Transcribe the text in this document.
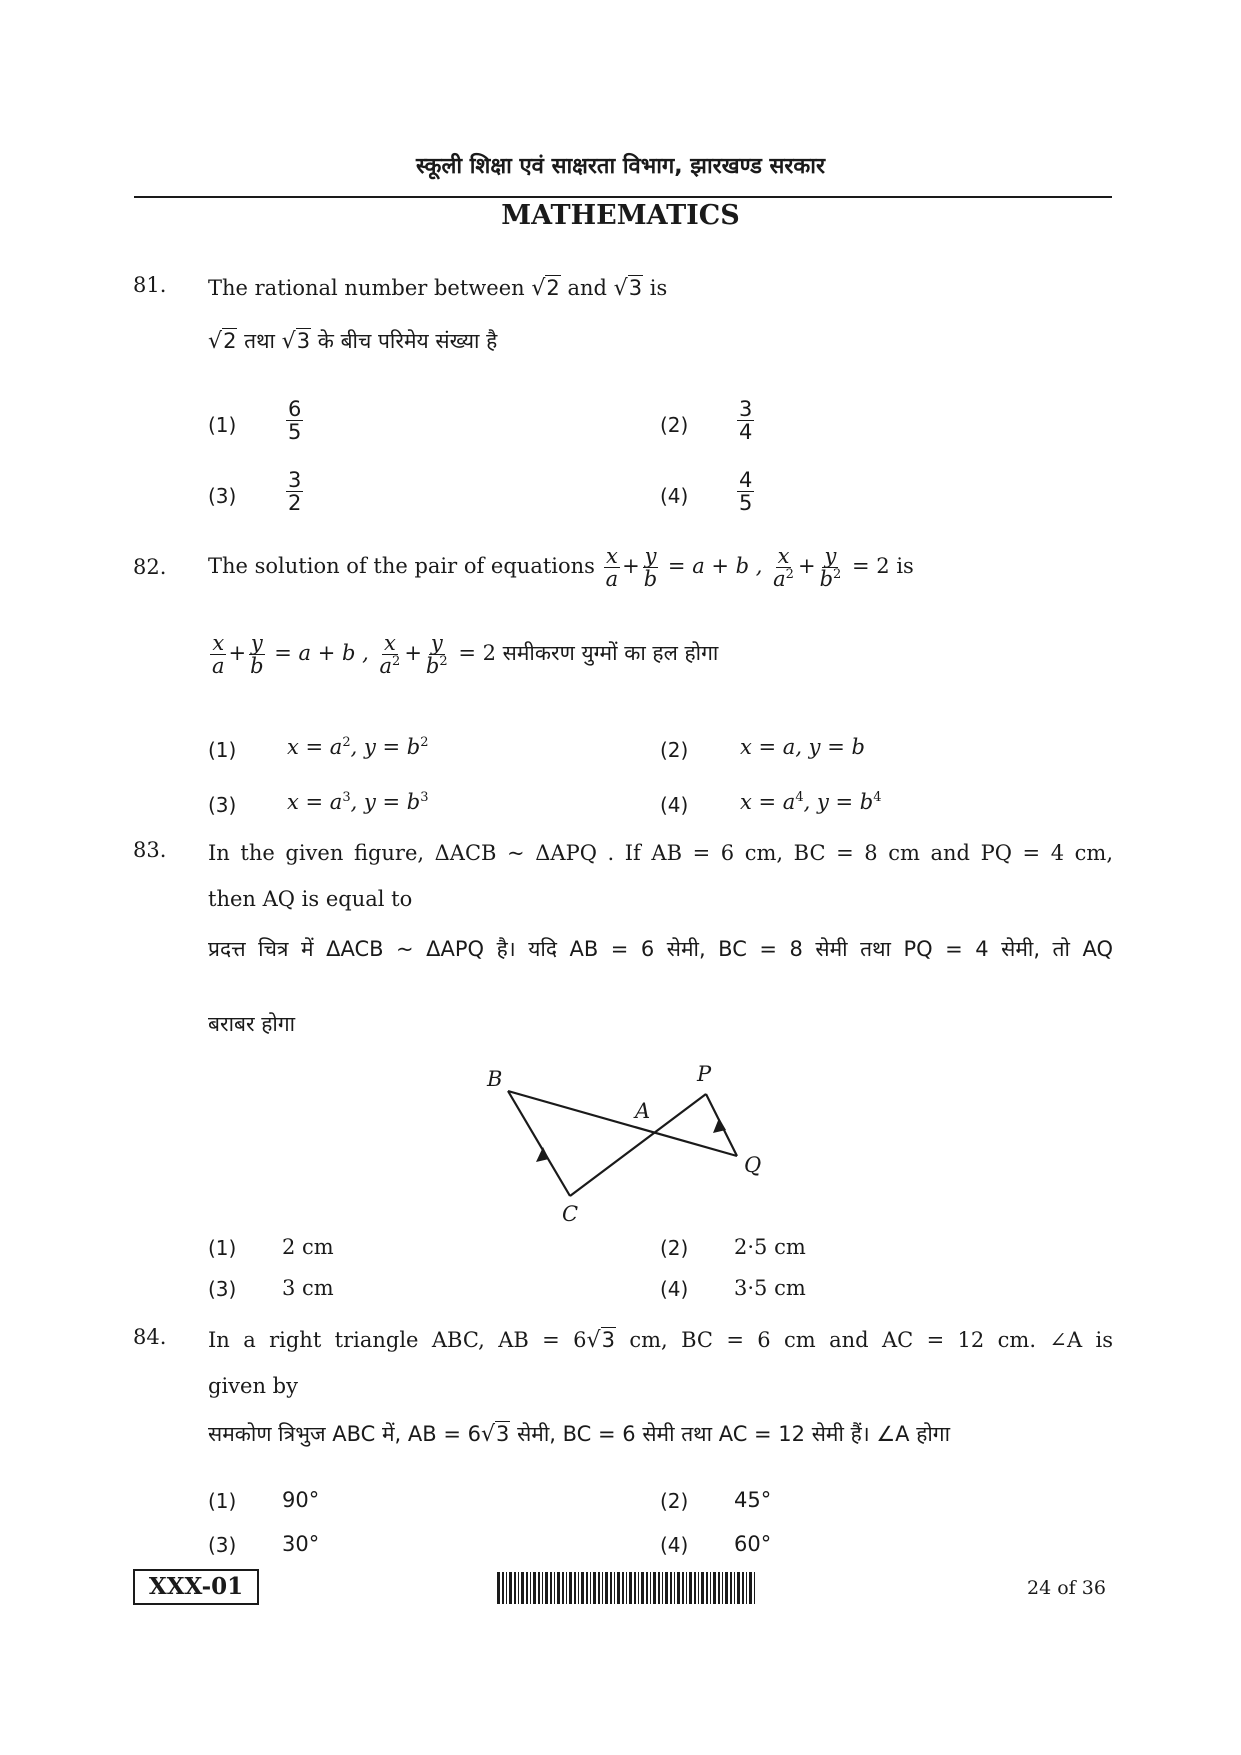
स्कूली शिक्षा एवं साक्षरता विभाग, झारखण्ड सरकार
MATHEMATICS
81. The rational number between √2 and √3 is
√2 तथा √3 के बीच परिमेय संख्या है
$(1) \frac{6}{5}$	$(2) \frac{3}{4}$
$(3) \frac{3}{2}$	$(4) \frac{4}{5}$
82. The solution of the pair of equations $\frac{x}{a} + \frac{y}{b} = a + b$ , $\frac{x}{a^2} + \frac{y}{b^2} = 2$ is
$\frac{x}{a} + \frac{y}{b} = a + b$ , $\frac{x}{a^2} + \frac{y}{b^2} = 2$ समीकरण युग्मों का हल होगा
(1) $x = a^2$, $y = b^2$	(2) x = a, y = b
(3) $x = a^3$, $y = b^3$	(4) $x = a^4$, $y = b^4$
83. In the given figure, ΔACB ~ ΔAPQ . If AB = 6 cm, BC = 8 cm and PQ = 4 cm,
then AQ is equal to
प्रदत्त चित्र में ΔACB ~ ΔAPQ है। यदि AB = 6 सेमी, BC = 8 सेमी तथा PQ = 4 सेमी, तो AQ
बराबर होगा
B	P
A
Q
C
(1) 2 cm	(2) 2·5 cm
(3) 3 cm	(4) 3·5 cm
84. In a right triangle ABC, AB = 6√3 cm, BC = 6 cm and AC = 12 cm. ∠A is
given by
समकोण त्रिभुज ABC में, AB = 6√3 सेमी, BC = 6 सेमी तथा AC = 12 सेमी हैं। ∠A होगा
(1) 90°	(2) 45°
(3) 30°	(4) 60°
XXX-01	24 of 36
